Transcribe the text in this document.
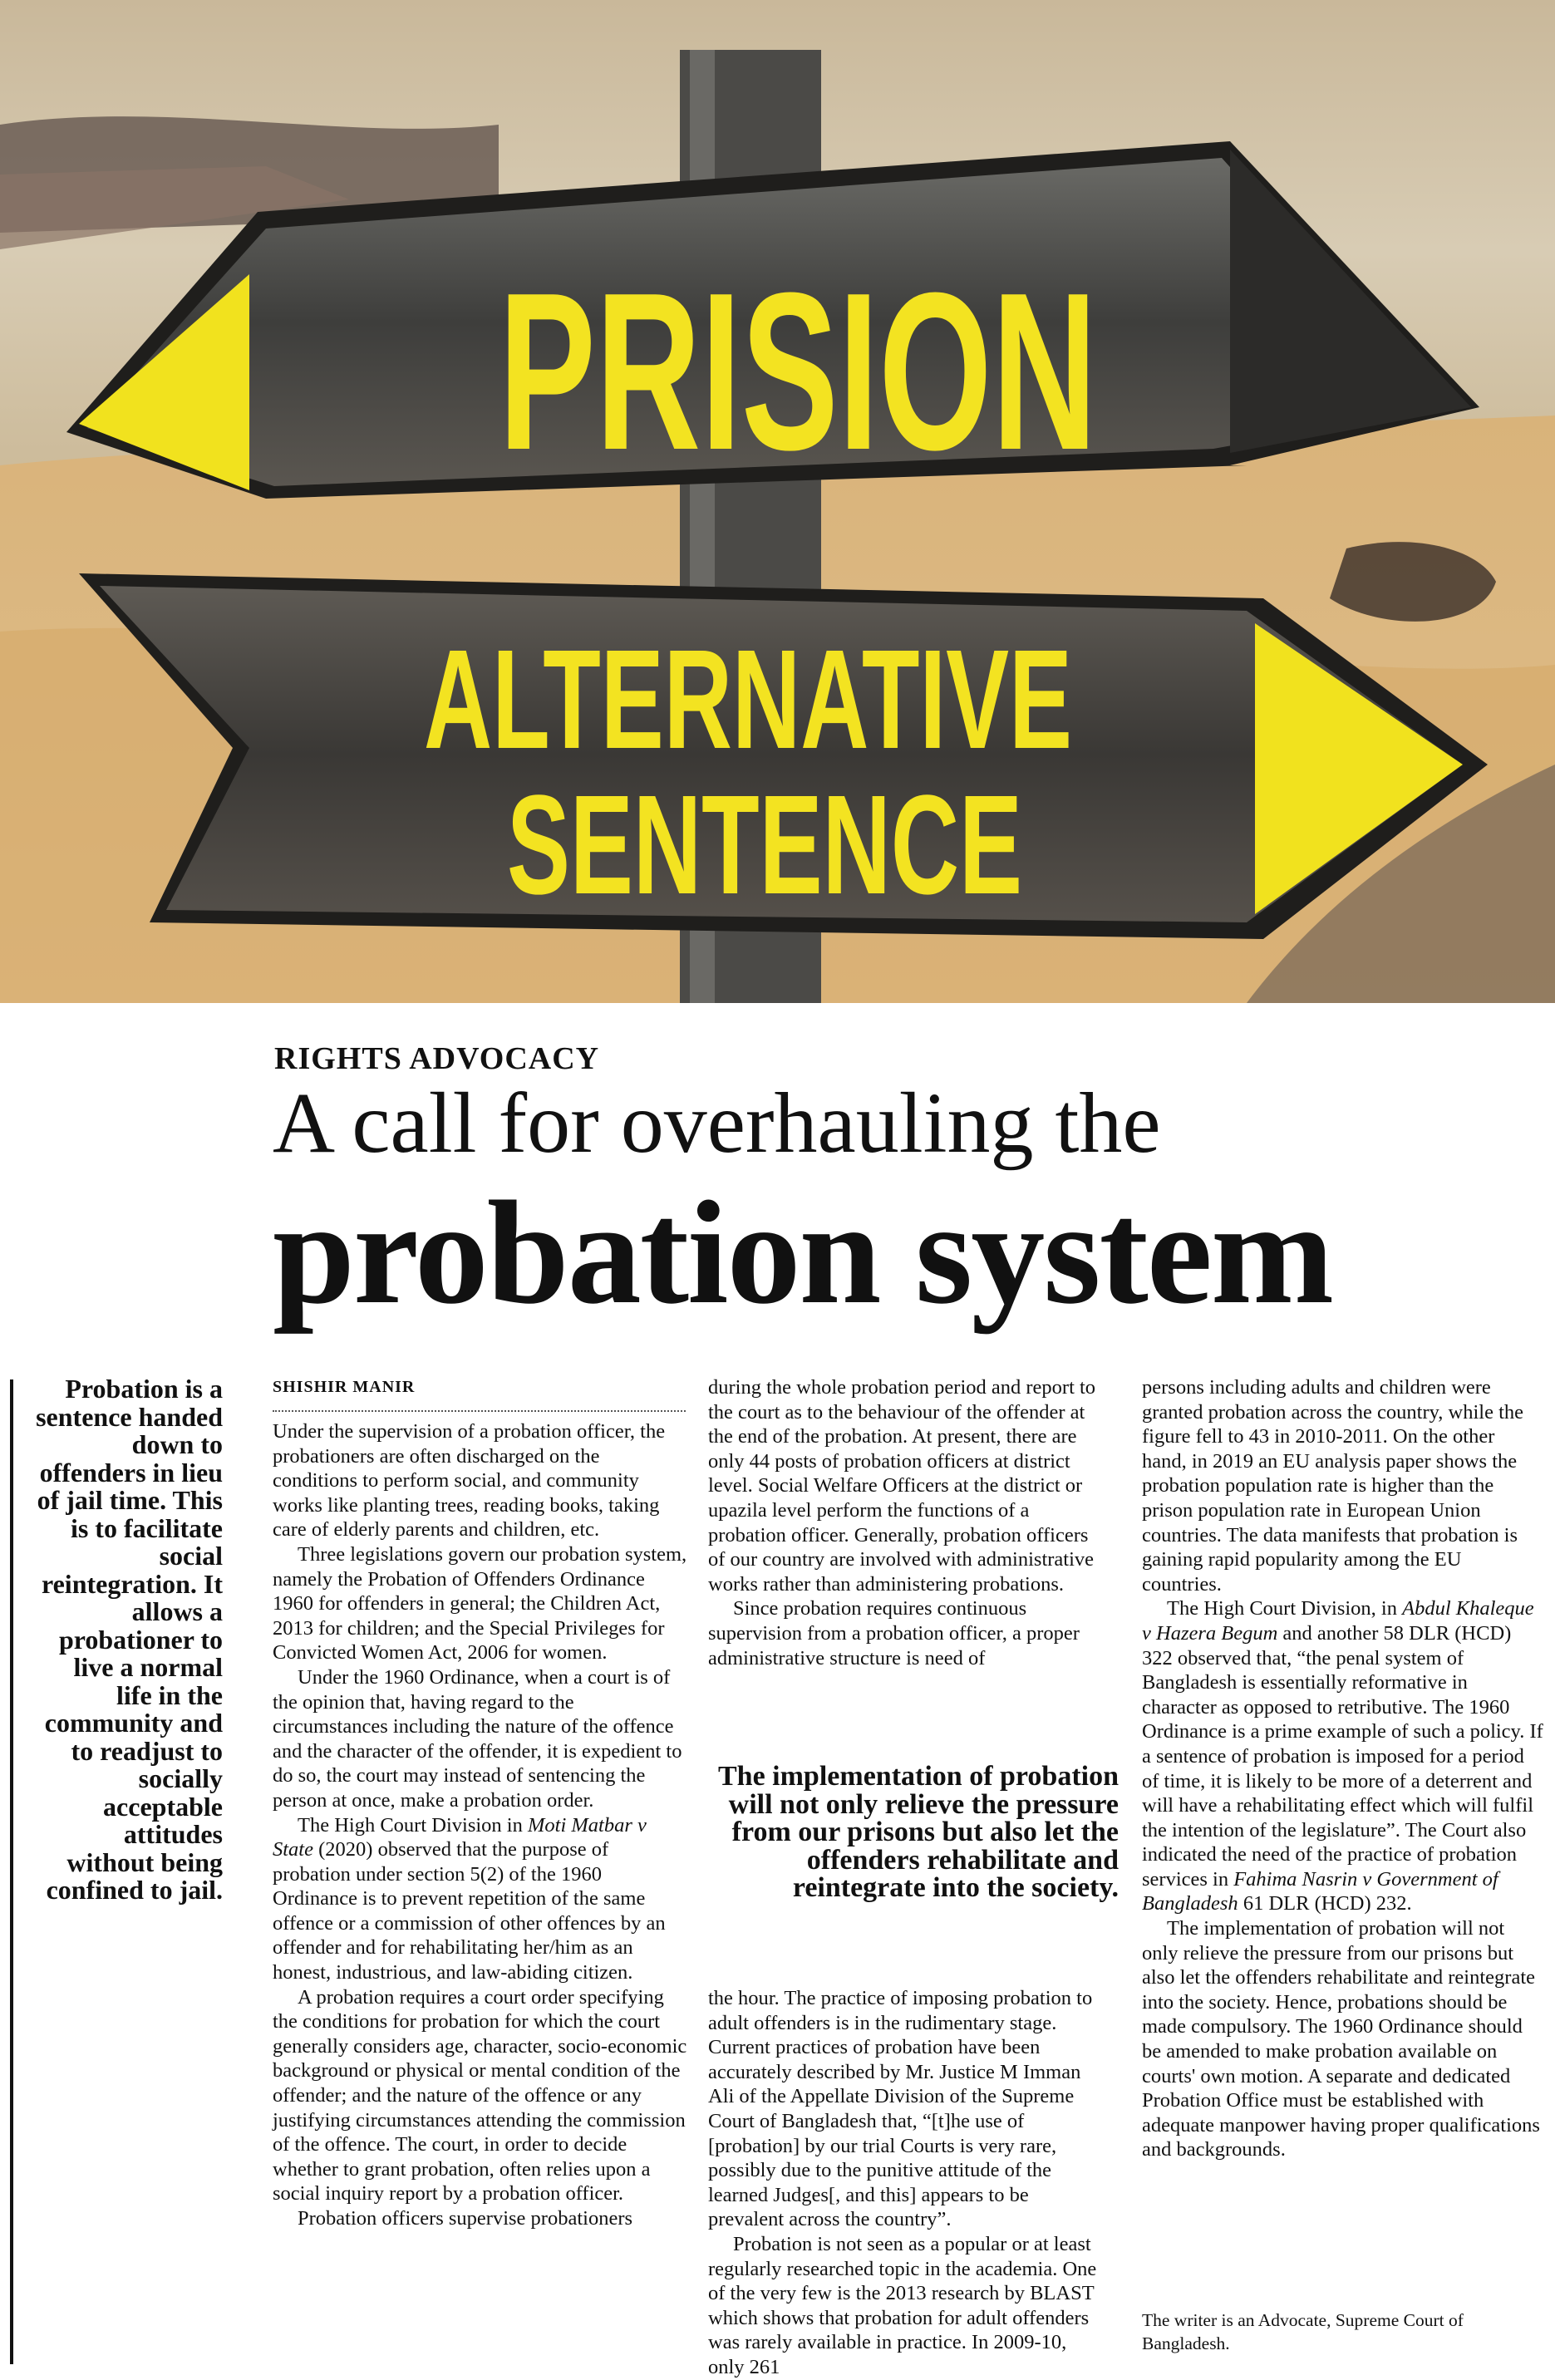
PRISION
ALTERNATIVE
SENTENCE
RIGHTS ADVOCACY
A call for overhauling the
probation system
Probation is a sentence handed down to offenders in lieu of jail time. This is to facilitate social reintegration. It allows a probationer to live a normal life in the community and to readjust to socially acceptable attitudes without being confined to jail.
SHISHIR MANIR

Under the supervision of a probation officer, the probationers are often discharged on the conditions to perform social, and community works like planting trees, reading books, taking care of elderly parents and children, etc.

Three legislations govern our probation system, namely the Probation of Offenders Ordinance 1960 for offenders in general; the Children Act, 2013 for children; and the Special Privileges for Convicted Women Act, 2006 for women.

Under the 1960 Ordinance, when a court is of the opinion that, having regard to the circumstances including the nature of the offence and the character of the offender, it is expedient to do so, the court may instead of sentencing the person at once, make a probation order.

The High Court Division in Moti Matbar v State (2020) observed that the purpose of probation under section 5(2) of the 1960 Ordinance is to prevent repetition of the same offence or a commission of other offences by an offender and for rehabilitating her/him as an honest, industrious, and law-abiding citizen.

A probation requires a court order specifying the conditions for probation for which the court generally considers age, character, socio-economic background or physical or mental condition of the offender; and the nature of the offence or any justifying circumstances attending the commission of the offence. The court, in order to decide whether to grant probation, often relies upon a social inquiry report by a probation officer.

Probation officers supervise probationers

during the whole probation period and report to the court as to the behaviour of the offender at the end of the probation. At present, there are only 44 posts of probation officers at district level. Social Welfare Officers at the district or upazila level perform the functions of a probation officer. Generally, probation officers of our country are involved with administrative works rather than administering probations.

Since probation requires continuous supervision from a probation officer, a proper administrative structure is need of

The implementation of probation will not only relieve the pressure from our prisons but also let the offenders rehabilitate and reintegrate into the society.

the hour. The practice of imposing probation to adult offenders is in the rudimentary stage. Current practices of probation have been accurately described by Mr. Justice M Imman Ali of the Appellate Division of the Supreme Court of Bangladesh that, “[t]he use of [probation] by our trial Courts is very rare, possibly due to the punitive attitude of the learned Judges[, and this] appears to be prevalent across the country”.

Probation is not seen as a popular or at least regularly researched topic in the academia. One of the very few is the 2013 research by BLAST which shows that probation for adult offenders was rarely available in practice. In 2009-10, only 261

persons including adults and children were granted probation across the country, while the figure fell to 43 in 2010-2011. On the other hand, in 2019 an EU analysis paper shows the probation population rate is higher than the prison population rate in European Union countries. The data manifests that probation is gaining rapid popularity among the EU countries.

The High Court Division, in Abdul Khaleque v Hazera Begum and another 58 DLR (HCD) 322 observed that, “the penal system of Bangladesh is essentially reformative in character as opposed to retributive. The 1960 Ordinance is a prime example of such a policy. If a sentence of probation is imposed for a period of time, it is likely to be more of a deterrent and will have a rehabilitating effect which will fulfil the intention of the legislature”. The Court also indicated the need of the practice of probation services in Fahima Nasrin v Government of Bangladesh 61 DLR (HCD) 232.

The implementation of probation will not only relieve the pressure from our prisons but also let the offenders rehabilitate and reintegrate into the society. Hence, probations should be made compulsory. The 1960 Ordinance should be amended to make probation available on courts' own motion. A separate and dedicated Probation Office must be established with adequate manpower having proper qualifications and backgrounds.

The writer is an Advocate, Supreme Court of Bangladesh.
